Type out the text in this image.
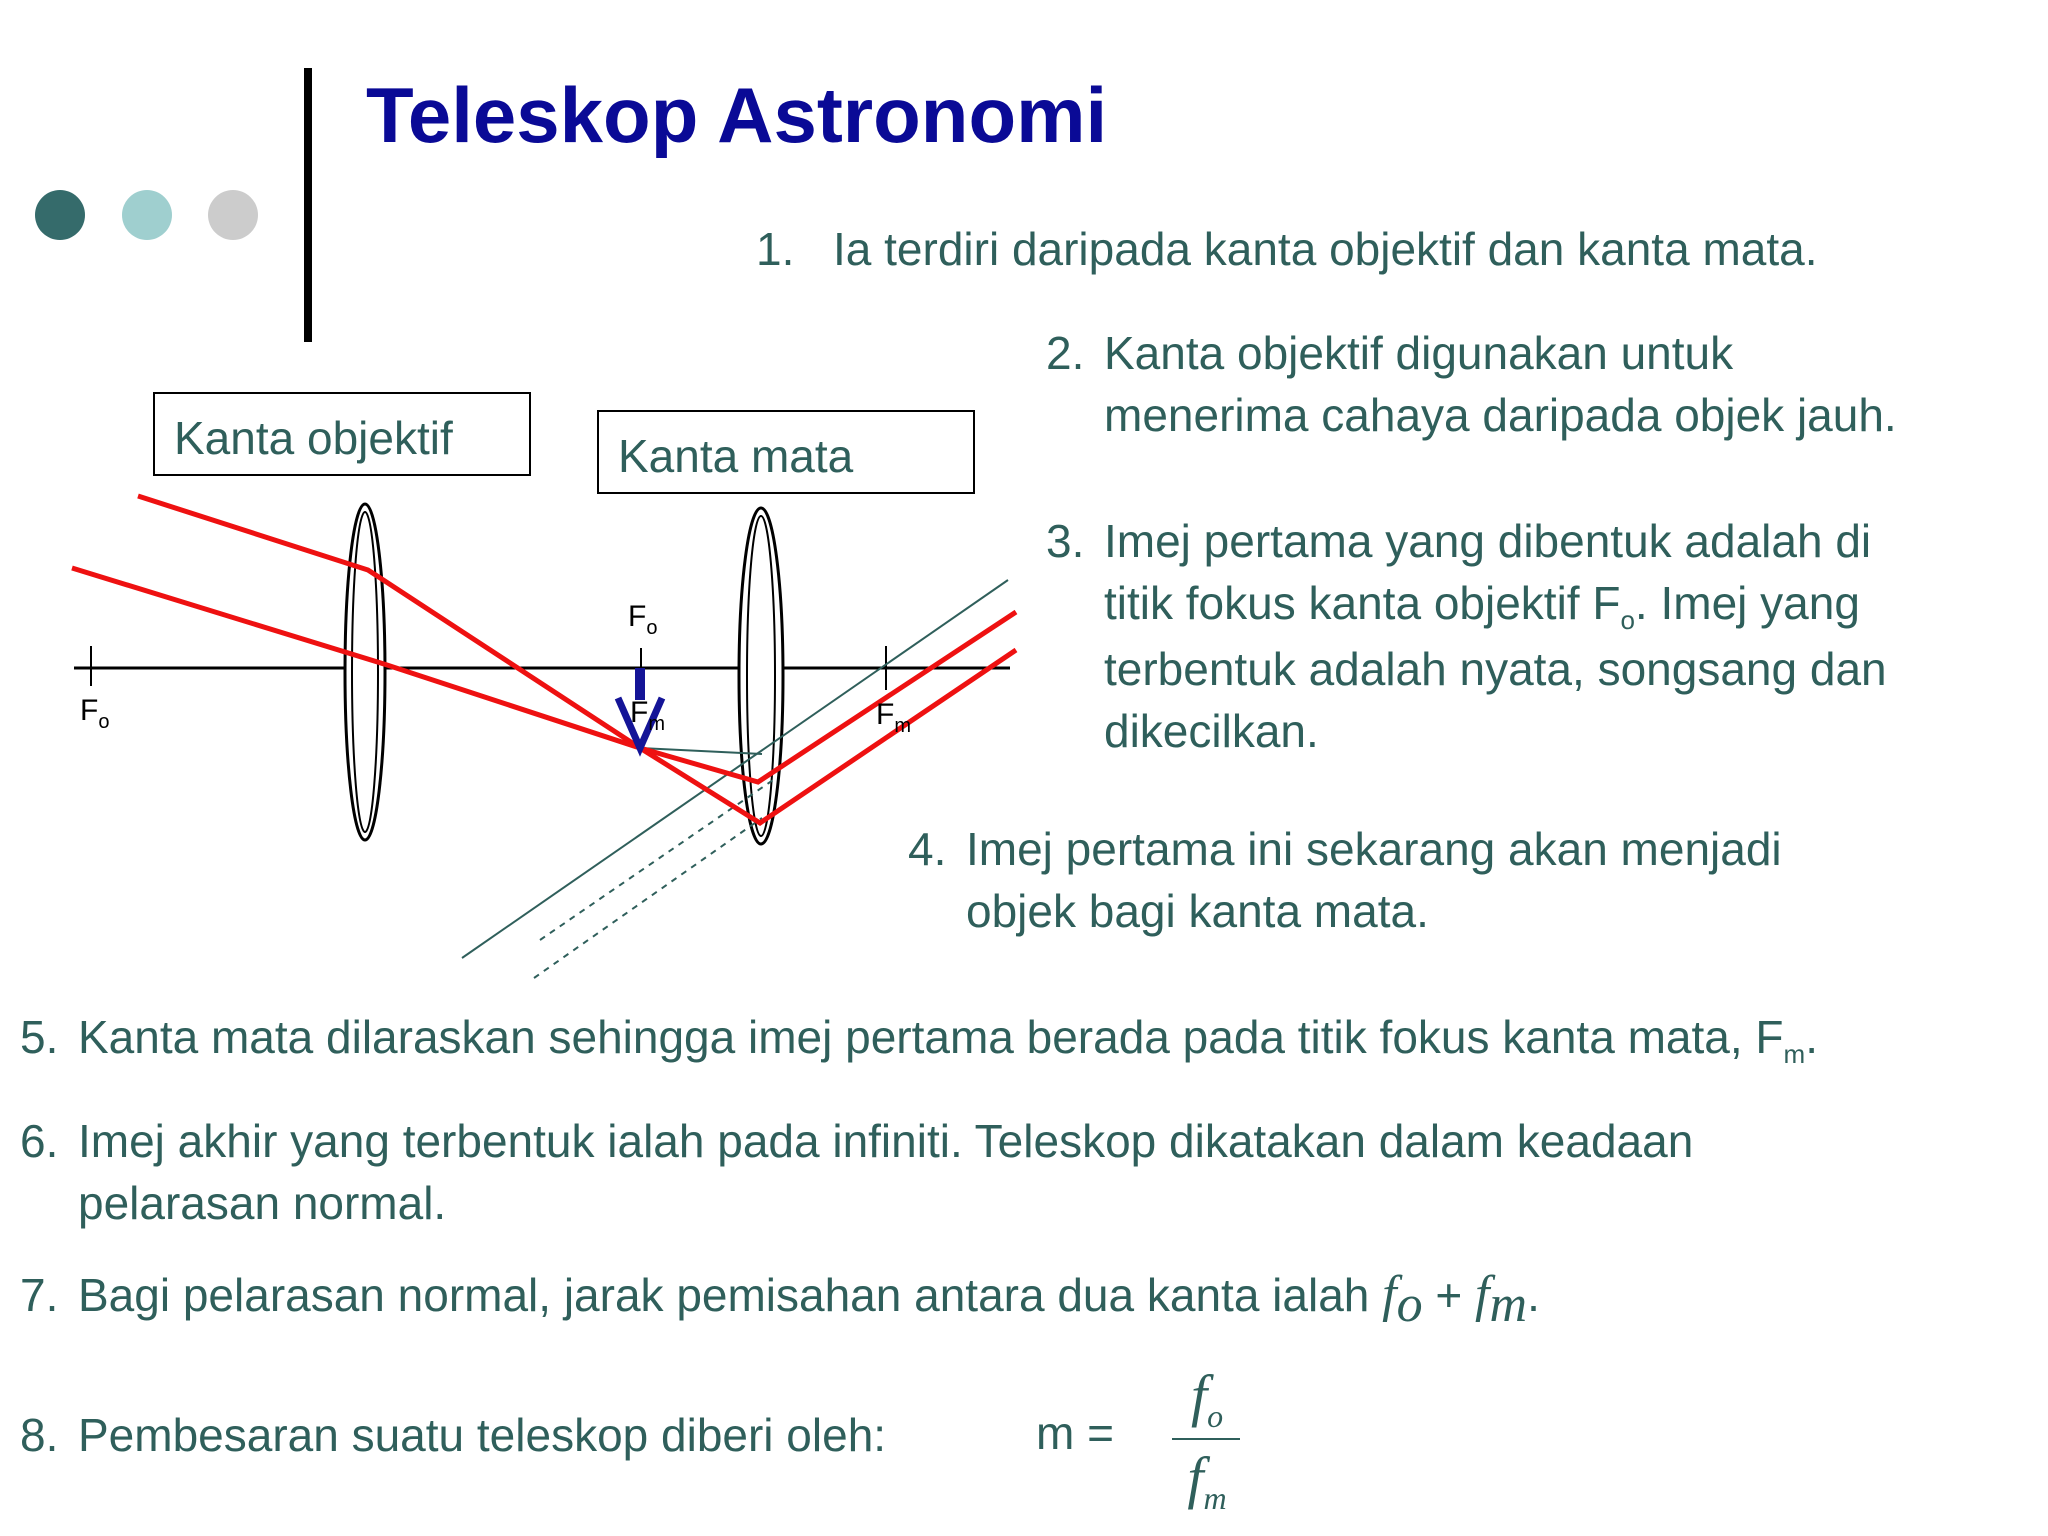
Teleskop Astronomi
Kanta objektif	Kanta mata
$F_o$
$F_o$
$F_m$	$F_m$
1. Ia terdiri daripada kanta objektif dan kanta mata.
2. Kanta objektif digunakan untuk
menerima cahaya daripada objek jauh.
3. Imej pertama yang dibentuk adalah di
titik fokus kanta objektif $F_o$. Imej yang
terbentuk adalah nyata, songsang dan
dikecilkan.
4. Imej pertama ini sekarang akan menjadi
objek bagi kanta mata.
5. Kanta mata dilaraskan sehingga imej pertama berada pada titik fokus kanta mata, $F_m$.
6. Imej akhir yang terbentuk ialah pada infiniti. Teleskop dikatakan dalam keadaan
pelarasan normal.
7. Bagi pelarasan normal, jarak pemisahan antara dua kanta ialah $f_o + f_m$.
8. Pembesaran suatu teleskop diberi oleh:	m =
$f_o$
$f_m$
